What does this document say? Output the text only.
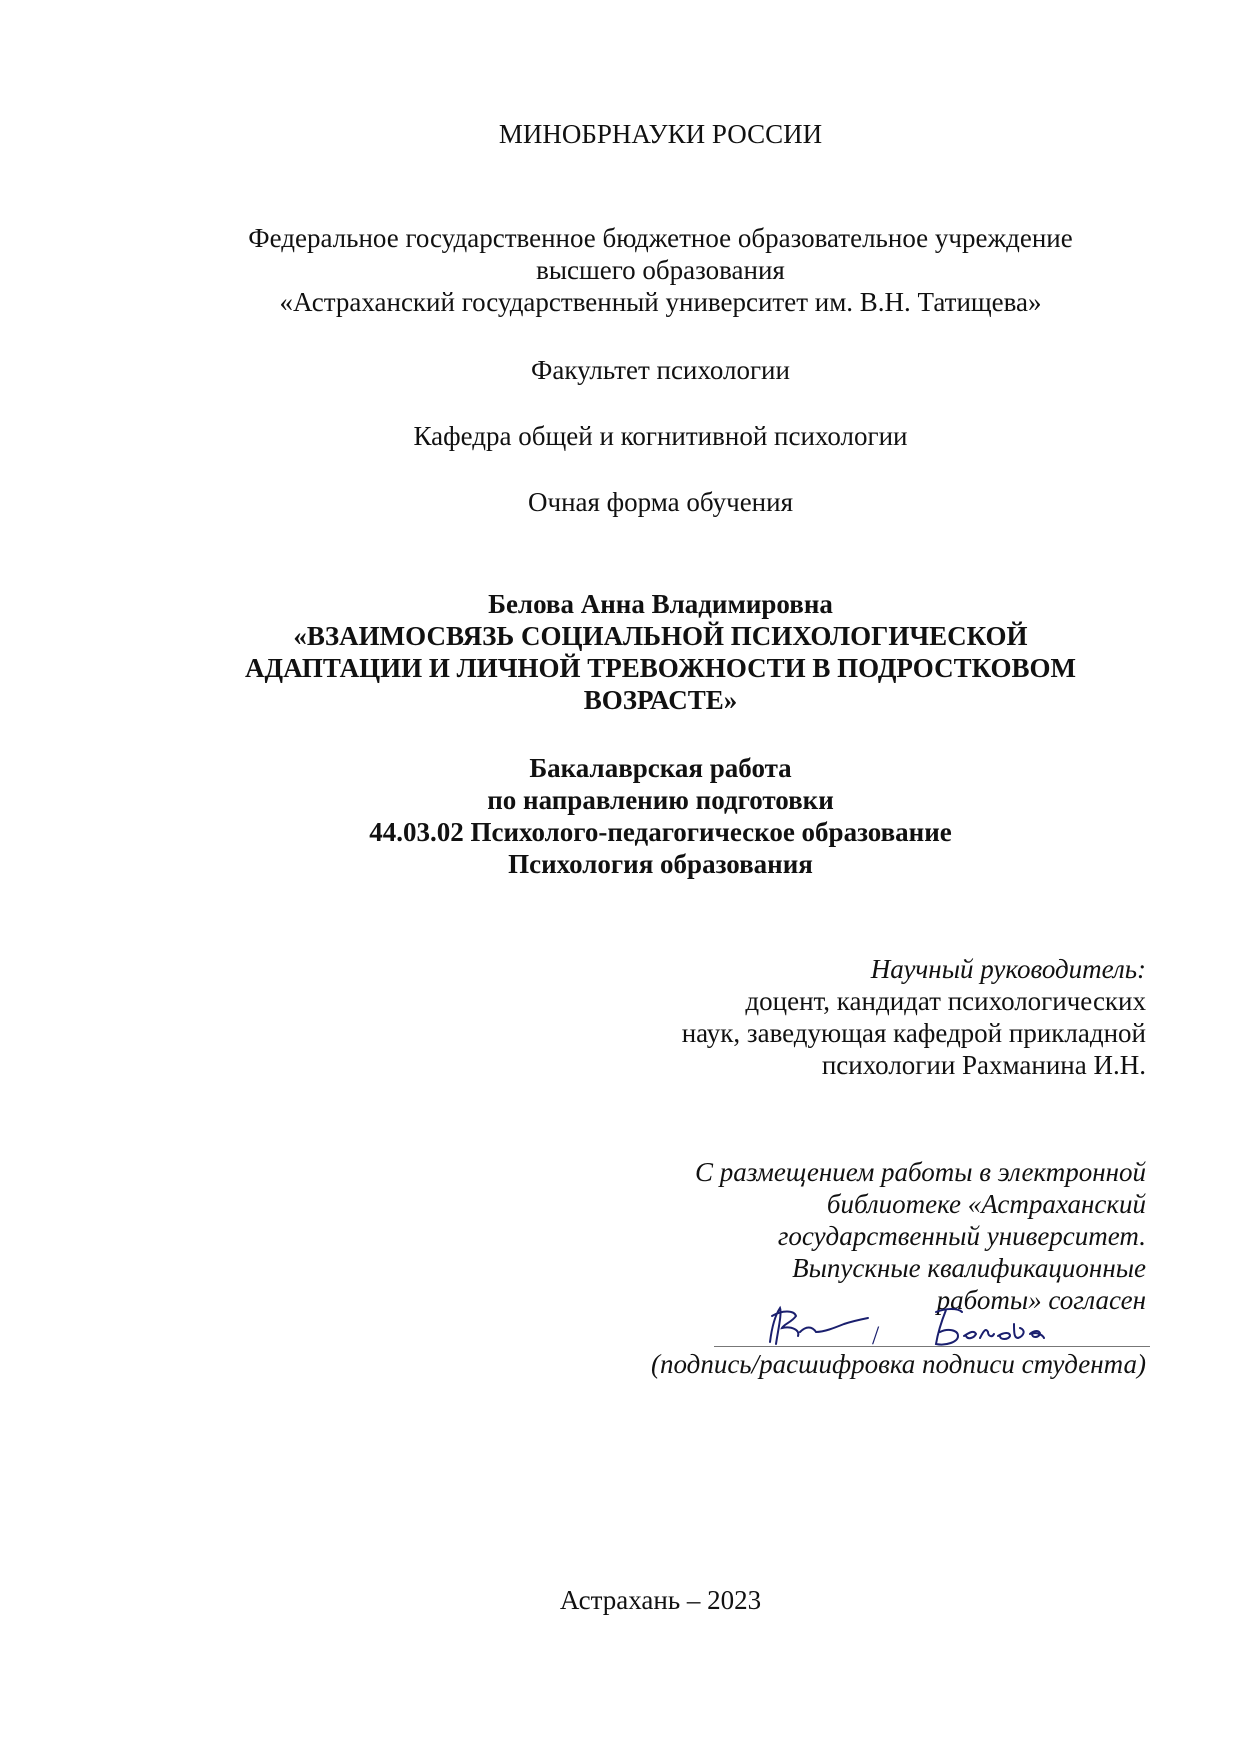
МИНОБРНАУКИ РОССИИ
Федеральное государственное бюджетное образовательное учреждение
высшего образования
«Астраханский государственный университет им. В.Н. Татищева»
Факультет психологии
Кафедра общей и когнитивной психологии
Очная форма обучения
Белова Анна Владимировна
«ВЗАИМОСВЯЗЬ СОЦИАЛЬНОЙ ПСИХОЛОГИЧЕСКОЙ
АДАПТАЦИИ И ЛИЧНОЙ ТРЕВОЖНОСТИ В ПОДРОСТКОВОМ
ВОЗРАСТЕ»
Бакалаврская работа
по направлению подготовки
44.03.02 Психолого-педагогическое образование
Психология образования
Научный руководитель:
доцент, кандидат психологических
наук, заведующая кафедрой прикладной
психологии Рахманина И.Н.
С размещением работы в электронной
библиотеке «Астраханский
государственный университет.
Выпускные квалификационные
работы» согласен
/
(подпись/расшифровка подписи студента)
Астрахань – 2023
